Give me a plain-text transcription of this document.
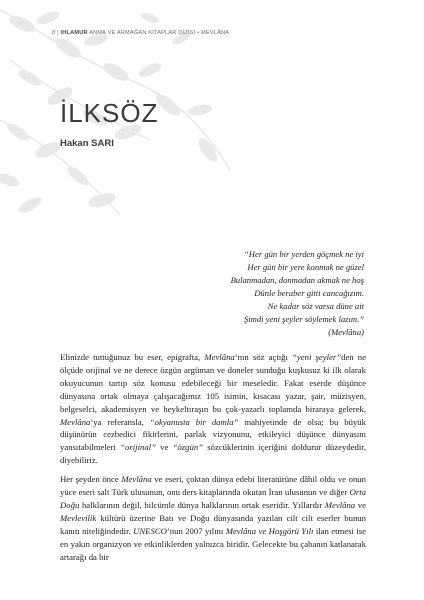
8 | IHLAMUR ANMA VE ARMAĞAN KİTAPLAR DİZİSİ • MEVLÂNA
İLKSÖZ
Hakan SARI
“Her gün bir yerden göçmek ne iyi
Her gün bir yere konmak ne güzel
Bulanmadan, donmadan akmak ne hoş
Dünle beraber gitti cancağızım.
Ne kadar söz varsa düne ait
Şimdi yeni şeyler söylemek lazım.”
(Mevlâna)

Elinizde tuttuğunuz bu eser, epigrafta, Mevlâna’nın söz açtığı “yeni şeyler”den ne ölçüde orijinal ve ne derece özgün argüman ve doneler sunduğu kuşkusuz ki ilk olarak okuyucunun tartıp söz konusu edebileceği bir meseledir. Fakat eserde düşünce dünyasına ortak olmaya çalışacağımız 105 isimin, kısacası yazar, şair, müzisyen, belgeselci, akademisyen ve heykeltıraşın bu çok-yazarlı toplamda biraraya gelerek, Mevlâna’ya referansla, “okyanusta bir damla” mahiyetinde de olsa; bu büyük düşünürün cezbedici fikirlerini, parlak vizyonunu, etkileyici düşünce dünyasını yansıtabilmeleri “orijinal” ve “özgün” sözcüklerinin içeriğini doldurur düzeydedir, diyebiliriz.

Her şeyden önce Mevlâna ve eseri, çoktan dünya edebi literatürüne dâhil oldu ve onun yüce eseri salt Türk ulusunun, onu ders kitaplarında okutan İran ulusunun ve diğer Orta Doğu halklarının değil, bilcümle dünya halklarının ortak eseridir. Yıllardır Mevlâna ve Mevlevilik kültürü üzerine Batı ve Doğu dünyasında yazılan cilt cilt eserler bunun kanıtı niteliğindedir. UNESCO’nun 2007 yılını Mevlâna ve Hoşgörü Yılı ilan etmesi ise en yakın organizyon ve etkinliklerden yalnızca biridir. Gelecekte bu çabanın katlanarak artarağı da bir
